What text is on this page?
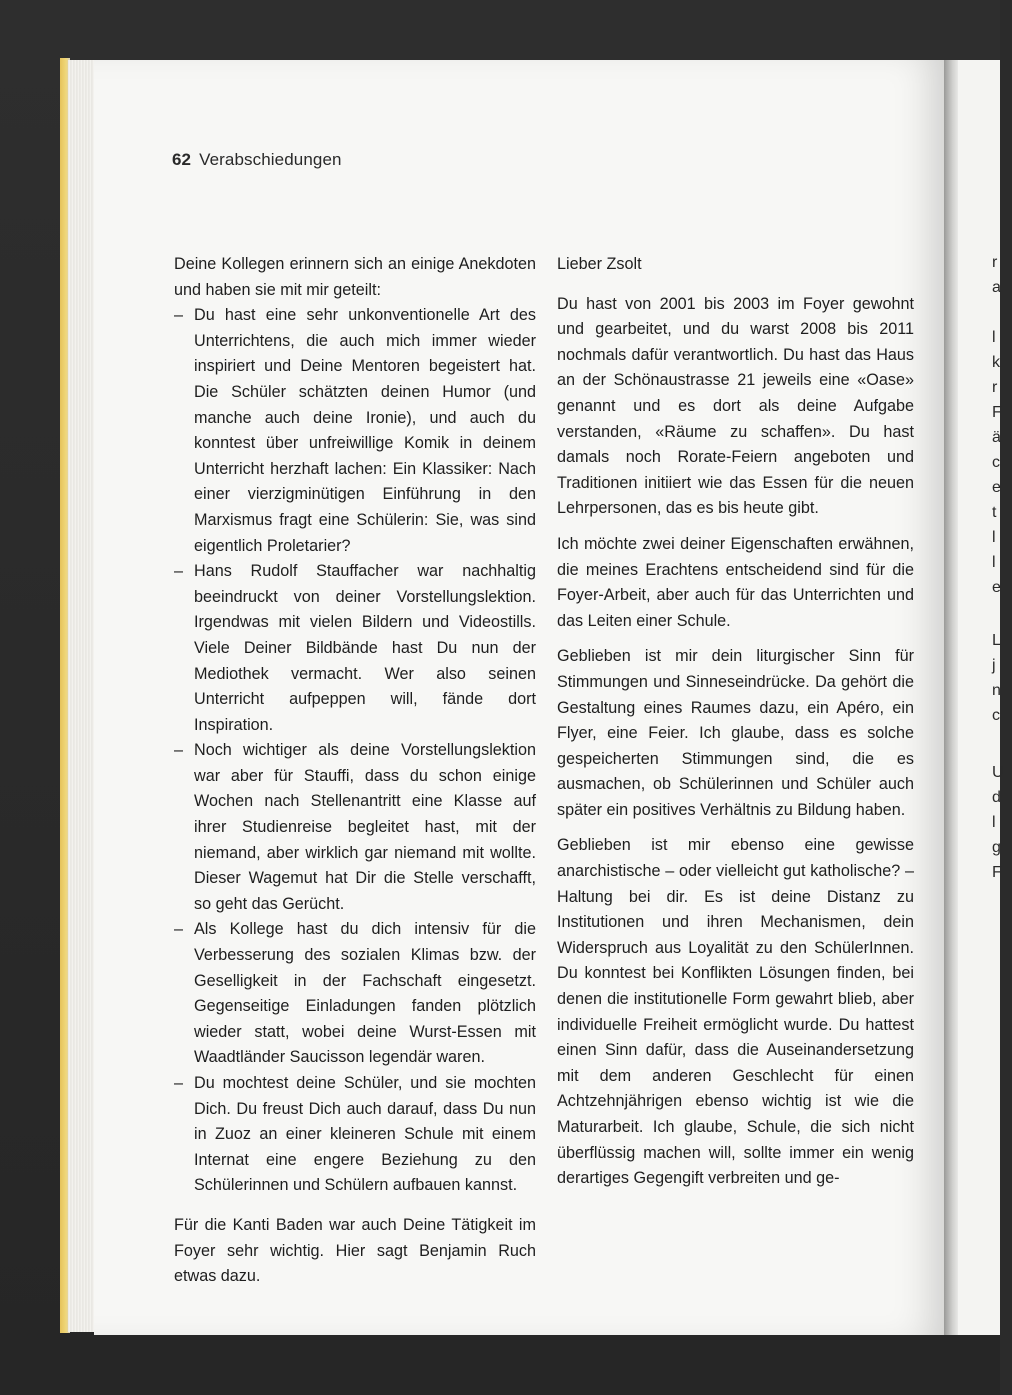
r
a
l
k
r
F
ä
c
e
t
l
l
e
L
j
n
c
U
d
l
g
F
62 Verabschiedungen

Deine Kollegen erinnern sich an einige Anekdoten und haben sie mit mir geteilt:

– Du hast eine sehr unkonventionelle Art des Unterrichtens, die auch mich immer wieder inspiriert und Deine Mentoren begeistert hat. Die Schüler schätzten deinen Humor (und manche auch deine Ironie), und auch du konntest über unfreiwillige Komik in deinem Unterricht herzhaft lachen: Ein Klassiker: Nach einer vierzigminütigen Einführung in den Marxismus fragt eine Schülerin: Sie, was sind eigentlich Proletarier?
– Hans Rudolf Stauffacher war nachhaltig beeindruckt von deiner Vorstellungslektion. Irgendwas mit vielen Bildern und Videostills. Viele Deiner Bildbände hast Du nun der Mediothek vermacht. Wer also seinen Unterricht aufpeppen will, fände dort Inspiration.
– Noch wichtiger als deine Vorstellungslektion war aber für Stauffi, dass du schon einige Wochen nach Stellenantritt eine Klasse auf ihrer Studienreise begleitet hast, mit der niemand, aber wirklich gar niemand mit wollte. Dieser Wagemut hat Dir die Stelle verschafft, so geht das Gerücht.
– Als Kollege hast du dich intensiv für die Verbesserung des sozialen Klimas bzw. der Geselligkeit in der Fachschaft eingesetzt. Gegenseitige Einladungen fanden plötzlich wieder statt, wobei deine Wurst-Essen mit Waadtländer Saucisson legendär waren.
– Du mochtest deine Schüler, und sie mochten Dich. Du freust Dich auch darauf, dass Du nun in Zuoz an einer kleineren Schule mit einem Internat eine engere Beziehung zu den Schülerinnen und Schülern aufbauen kannst.

Für die Kanti Baden war auch Deine Tätigkeit im Foyer sehr wichtig. Hier sagt Benjamin Ruch etwas dazu.

Lieber Zsolt

Du hast von 2001 bis 2003 im Foyer gewohnt und gearbeitet, und du warst 2008 bis 2011 nochmals dafür verantwortlich. Du hast das Haus an der Schönaustrasse 21 jeweils eine «Oase» genannt und es dort als deine Aufgabe verstanden, «Räume zu schaffen». Du hast damals noch Rorate-Feiern angeboten und Traditionen initiiert wie das Essen für die neuen Lehrpersonen, das es bis heute gibt.

Ich möchte zwei deiner Eigenschaften erwähnen, die meines Erachtens entscheidend sind für die Foyer-Arbeit, aber auch für das Unterrichten und das Leiten einer Schule.

Geblieben ist mir dein liturgischer Sinn für Stimmungen und Sinneseindrücke. Da gehört die Gestaltung eines Raumes dazu, ein Apéro, ein Flyer, eine Feier. Ich glaube, dass es solche gespeicherten Stimmungen sind, die es ausmachen, ob Schülerinnen und Schüler auch später ein positives Verhältnis zu Bildung haben.

Geblieben ist mir ebenso eine gewisse anarchistische – oder vielleicht gut katholische? – Haltung bei dir. Es ist deine Distanz zu Institutionen und ihren Mechanismen, dein Widerspruch aus Loyalität zu den SchülerInnen. Du konntest bei Konflikten Lösungen finden, bei denen die institutionelle Form gewahrt blieb, aber individuelle Freiheit ermöglicht wurde. Du hattest einen Sinn dafür, dass die Auseinandersetzung mit dem anderen Geschlecht für einen Achtzehnjährigen ebenso wichtig ist wie die Maturarbeit. Ich glaube, Schule, die sich nicht überflüssig machen will, sollte immer ein wenig derartiges Gegengift verbreiten und ge-
